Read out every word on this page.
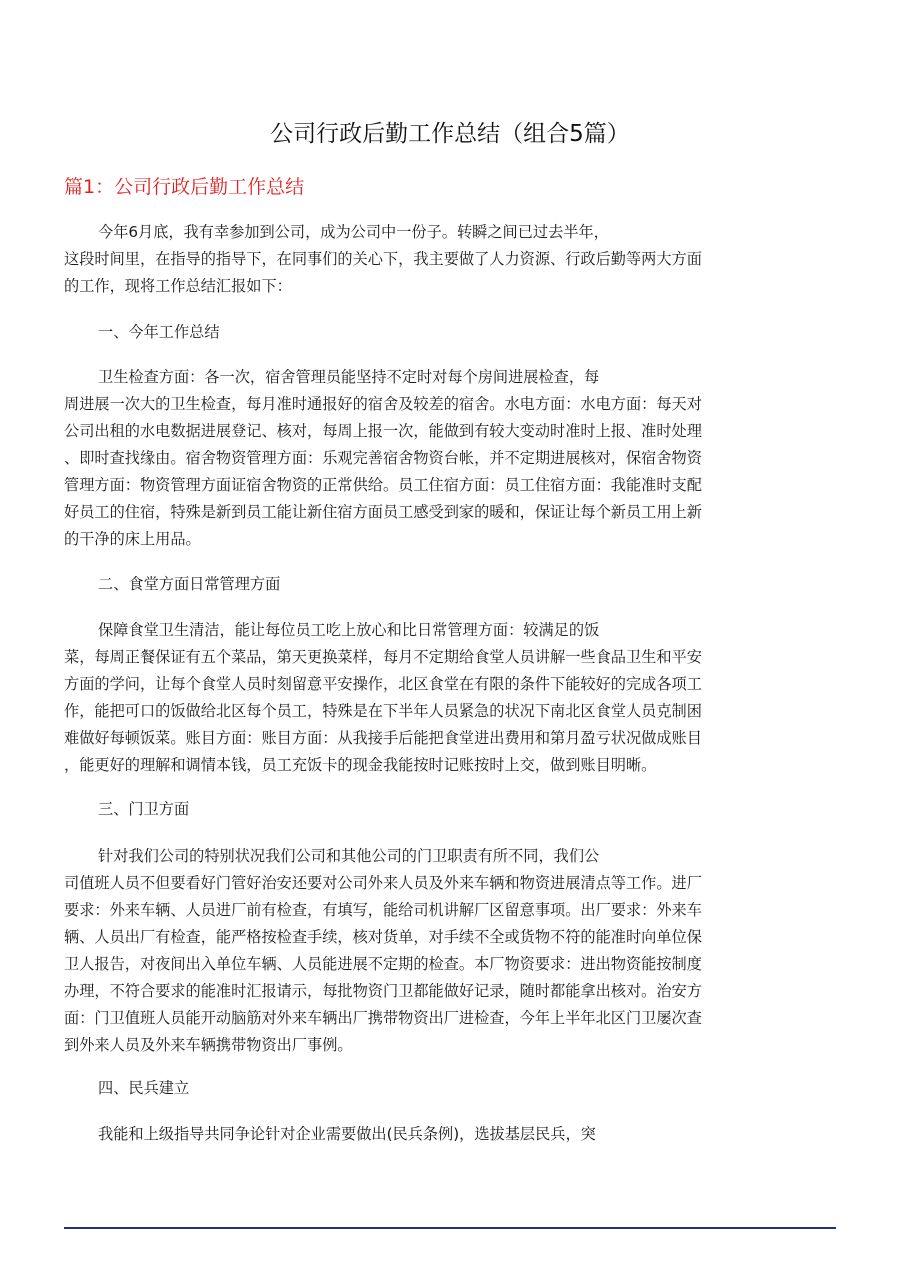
公司行政后勤工作总结（组合5篇）
篇1：公司行政后勤工作总结

今年6月底，我有幸参加到公司，成为公司中一份子。转瞬之间已过去半年，
这段时间里，在指导的指导下，在同事们的关心下，我主要做了人力资源、行政后勤等两大方面
的工作，现将工作总结汇报如下：

一、今年工作总结

卫生检查方面：各一次，宿舍管理员能坚持不定时对每个房间进展检查，每
周进展一次大的卫生检查，每月准时通报好的宿舍及较差的宿舍。水电方面：水电方面：每天对
公司出租的水电数据进展登记、核对，每周上报一次，能做到有较大变动时准时上报、准时处理
、即时查找缘由。宿舍物资管理方面：乐观完善宿舍物资台帐，并不定期进展核对，保宿舍物资
管理方面：物资管理方面证宿舍物资的正常供给。员工住宿方面：员工住宿方面：我能准时支配
好员工的住宿，特殊是新到员工能让新住宿方面员工感受到家的暖和，保证让每个新员工用上新
的干净的床上用品。

二、食堂方面日常管理方面

保障食堂卫生清洁，能让每位员工吃上放心和比日常管理方面：较满足的饭
菜，每周正餐保证有五个菜品，第天更换菜样，每月不定期给食堂人员讲解一些食品卫生和平安
方面的学问，让每个食堂人员时刻留意平安操作，北区食堂在有限的条件下能较好的完成各项工
作，能把可口的饭做给北区每个员工，特殊是在下半年人员紧急的状况下南北区食堂人员克制困
难做好每顿饭菜。账目方面：账目方面：从我接手后能把食堂进出费用和第月盈亏状况做成账目
，能更好的理解和调情本钱，员工充饭卡的现金我能按时记账按时上交，做到账目明晰。

三、门卫方面

针对我们公司的特别状况我们公司和其他公司的门卫职责有所不同，我们公
司值班人员不但要看好门管好治安还要对公司外来人员及外来车辆和物资进展清点等工作。进厂
要求：外来车辆、人员进厂前有检查，有填写，能给司机讲解厂区留意事项。出厂要求：外来车
辆、人员出厂有检查，能严格按检查手续，核对货单，对手续不全或货物不符的能准时向单位保
卫人报告，对夜间出入单位车辆、人员能进展不定期的检查。本厂物资要求：进出物资能按制度
办理，不符合要求的能准时汇报请示，每批物资门卫都能做好记录，随时都能拿出核对。治安方
面：门卫值班人员能开动脑筋对外来车辆出厂携带物资出厂进检查，今年上半年北区门卫屡次查
到外来人员及外来车辆携带物资出厂事例。

四、民兵建立

我能和上级指导共同争论针对企业需要做出(民兵条例)，选拔基层民兵，突
